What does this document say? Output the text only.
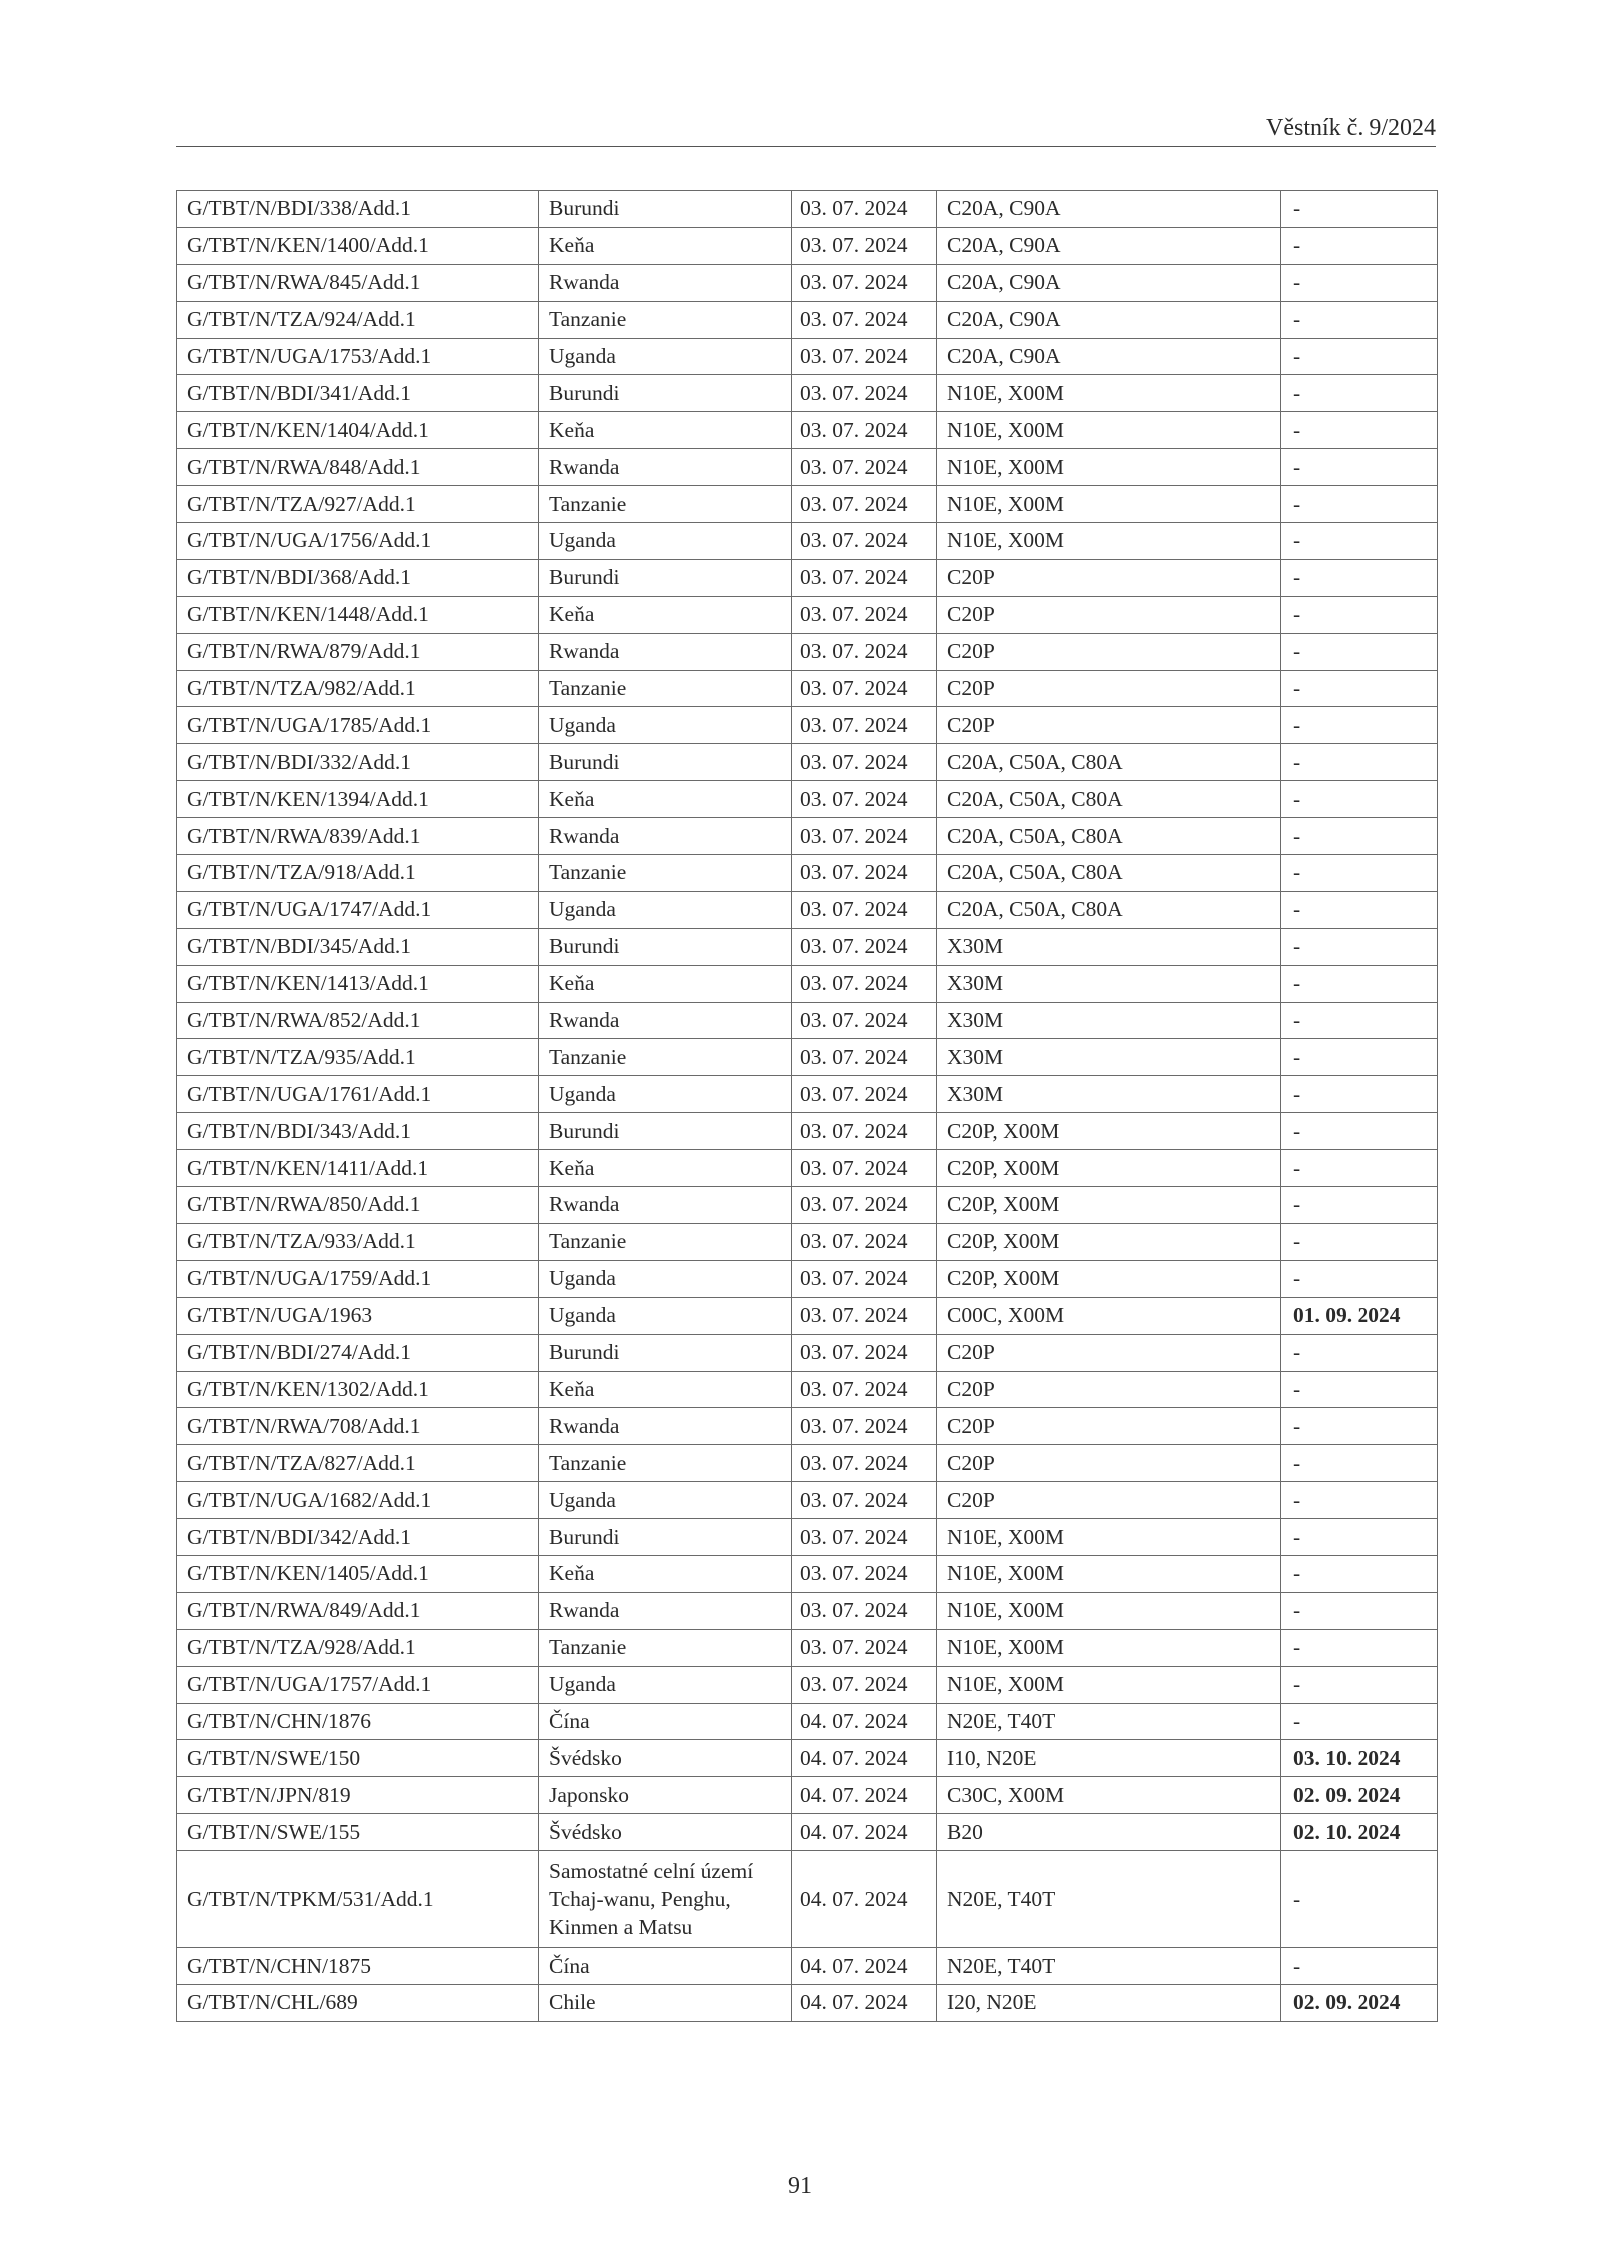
Věstník č. 9/2024
G/TBT/N/BDI/338/Add.1	Burundi	03. 07. 2024	C20A, C90A	-
G/TBT/N/KEN/1400/Add.1	Keňa	03. 07. 2024	C20A, C90A	-
G/TBT/N/RWA/845/Add.1	Rwanda	03. 07. 2024	C20A, C90A	-
G/TBT/N/TZA/924/Add.1	Tanzanie	03. 07. 2024	C20A, C90A	-
G/TBT/N/UGA/1753/Add.1	Uganda	03. 07. 2024	C20A, C90A	-
G/TBT/N/BDI/341/Add.1	Burundi	03. 07. 2024	N10E, X00M	-
G/TBT/N/KEN/1404/Add.1	Keňa	03. 07. 2024	N10E, X00M	-
G/TBT/N/RWA/848/Add.1	Rwanda	03. 07. 2024	N10E, X00M	-
G/TBT/N/TZA/927/Add.1	Tanzanie	03. 07. 2024	N10E, X00M	-
G/TBT/N/UGA/1756/Add.1	Uganda	03. 07. 2024	N10E, X00M	-
G/TBT/N/BDI/368/Add.1	Burundi	03. 07. 2024	C20P	-
G/TBT/N/KEN/1448/Add.1	Keňa	03. 07. 2024	C20P	-
G/TBT/N/RWA/879/Add.1	Rwanda	03. 07. 2024	C20P	-
G/TBT/N/TZA/982/Add.1	Tanzanie	03. 07. 2024	C20P	-
G/TBT/N/UGA/1785/Add.1	Uganda	03. 07. 2024	C20P	-
G/TBT/N/BDI/332/Add.1	Burundi	03. 07. 2024	C20A, C50A, C80A	-
G/TBT/N/KEN/1394/Add.1	Keňa	03. 07. 2024	C20A, C50A, C80A	-
G/TBT/N/RWA/839/Add.1	Rwanda	03. 07. 2024	C20A, C50A, C80A	-
G/TBT/N/TZA/918/Add.1	Tanzanie	03. 07. 2024	C20A, C50A, C80A	-
G/TBT/N/UGA/1747/Add.1	Uganda	03. 07. 2024	C20A, C50A, C80A	-
G/TBT/N/BDI/345/Add.1	Burundi	03. 07. 2024	X30M	-
G/TBT/N/KEN/1413/Add.1	Keňa	03. 07. 2024	X30M	-
G/TBT/N/RWA/852/Add.1	Rwanda	03. 07. 2024	X30M	-
G/TBT/N/TZA/935/Add.1	Tanzanie	03. 07. 2024	X30M	-
G/TBT/N/UGA/1761/Add.1	Uganda	03. 07. 2024	X30M	-
G/TBT/N/BDI/343/Add.1	Burundi	03. 07. 2024	C20P, X00M	-
G/TBT/N/KEN/1411/Add.1	Keňa	03. 07. 2024	C20P, X00M	-
G/TBT/N/RWA/850/Add.1	Rwanda	03. 07. 2024	C20P, X00M	-
G/TBT/N/TZA/933/Add.1	Tanzanie	03. 07. 2024	C20P, X00M	-
G/TBT/N/UGA/1759/Add.1	Uganda	03. 07. 2024	C20P, X00M	-
G/TBT/N/UGA/1963	Uganda	03. 07. 2024	C00C, X00M	01. 09. 2024
G/TBT/N/BDI/274/Add.1	Burundi	03. 07. 2024	C20P	-
G/TBT/N/KEN/1302/Add.1	Keňa	03. 07. 2024	C20P	-
G/TBT/N/RWA/708/Add.1	Rwanda	03. 07. 2024	C20P	-
G/TBT/N/TZA/827/Add.1	Tanzanie	03. 07. 2024	C20P	-
G/TBT/N/UGA/1682/Add.1	Uganda	03. 07. 2024	C20P	-
G/TBT/N/BDI/342/Add.1	Burundi	03. 07. 2024	N10E, X00M	-
G/TBT/N/KEN/1405/Add.1	Keňa	03. 07. 2024	N10E, X00M	-
G/TBT/N/RWA/849/Add.1	Rwanda	03. 07. 2024	N10E, X00M	-
G/TBT/N/TZA/928/Add.1	Tanzanie	03. 07. 2024	N10E, X00M	-
G/TBT/N/UGA/1757/Add.1	Uganda	03. 07. 2024	N10E, X00M	-
G/TBT/N/CHN/1876	Čína	04. 07. 2024	N20E, T40T	-
G/TBT/N/SWE/150	Švédsko	04. 07. 2024	I10, N20E	03. 10. 2024
G/TBT/N/JPN/819	Japonsko	04. 07. 2024	C30C, X00M	02. 09. 2024
G/TBT/N/SWE/155	Švédsko	04. 07. 2024	B20	02. 10. 2024
G/TBT/N/TPKM/531/Add.1	Samostatné celní území Tchaj-wanu, Penghu, Kinmen a Matsu	04. 07. 2024	N20E, T40T	-
G/TBT/N/CHN/1875	Čína	04. 07. 2024	N20E, T40T	-
G/TBT/N/CHL/689	Chile	04. 07. 2024	I20, N20E	02. 09. 2024
91
